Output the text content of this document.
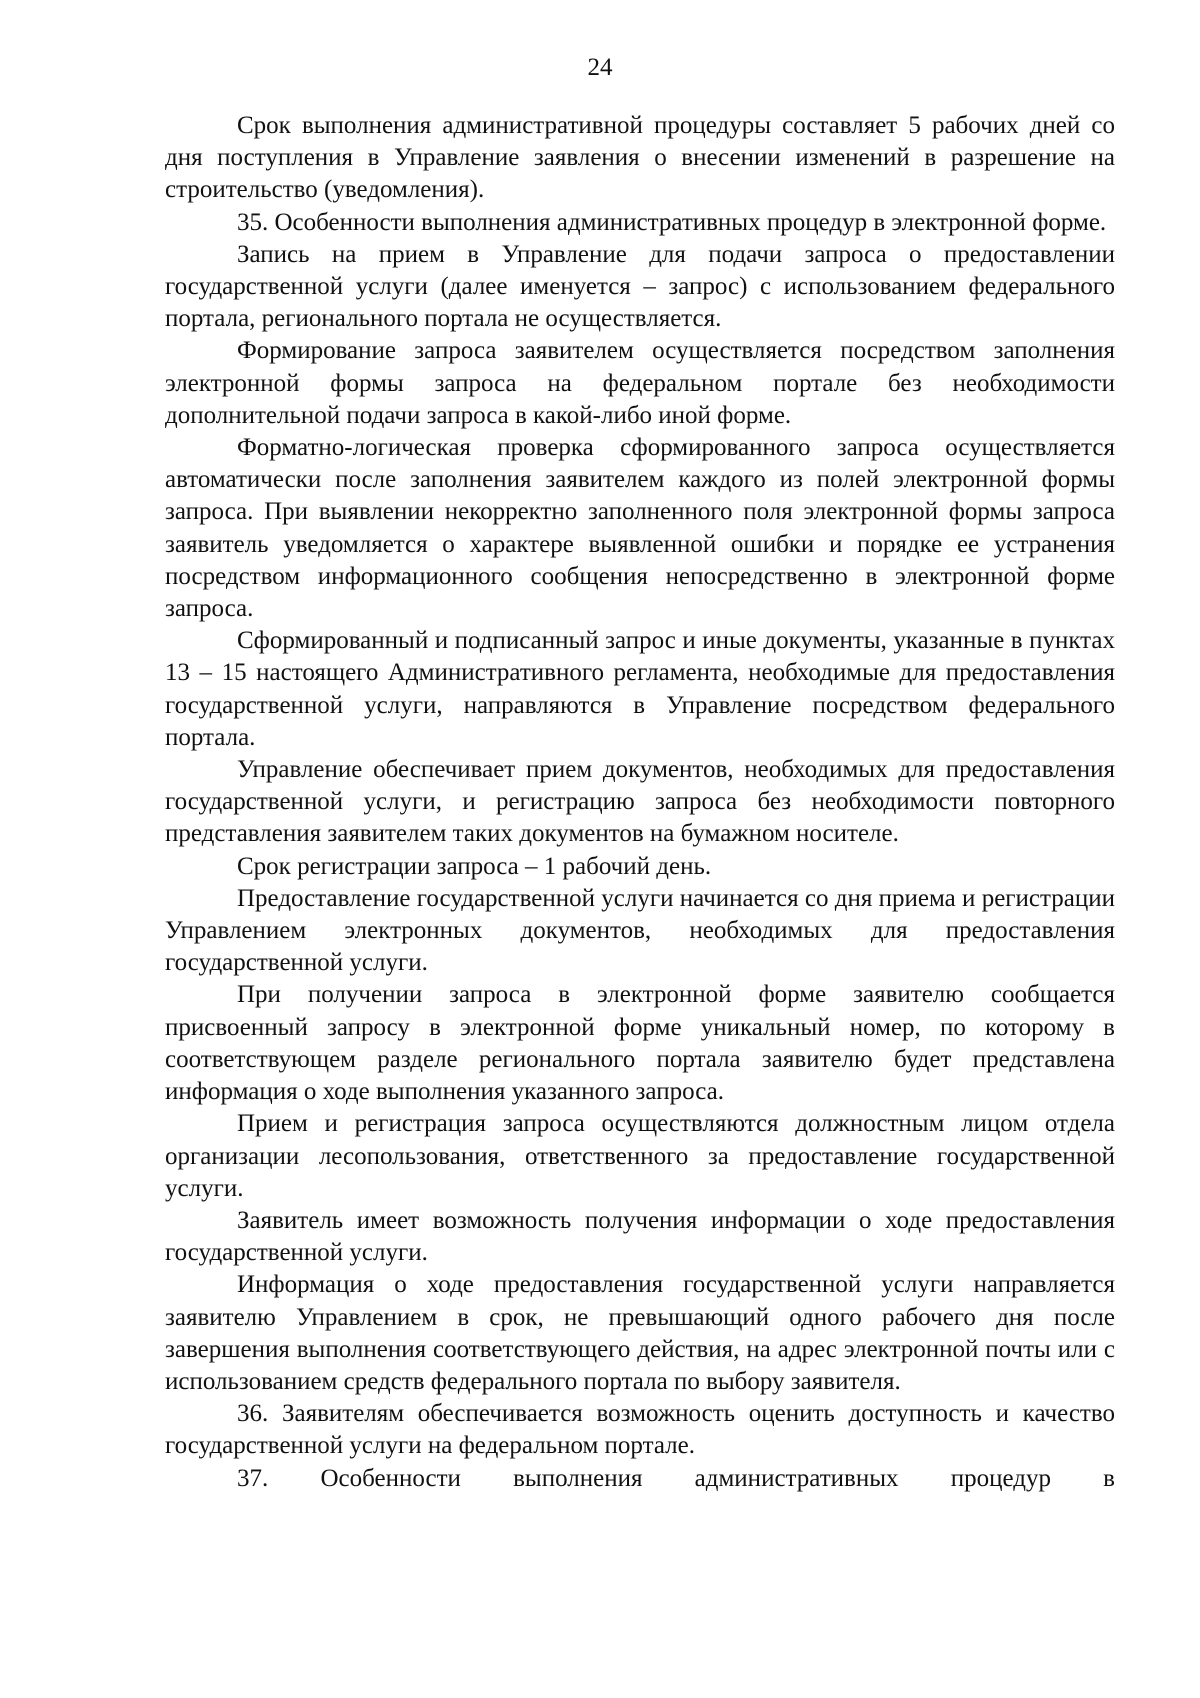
24

Срок выполнения административной процедуры составляет 5 рабочих дней со дня поступления в Управление заявления о внесении изменений в разрешение на строительство (уведомления).

35. Особенности выполнения административных процедур в электронной форме.

Запись на прием в Управление для подачи запроса о предоставлении государственной услуги (далее именуется – запрос) с использованием федерального портала, регионального портала не осуществляется.

Формирование запроса заявителем осуществляется посредством заполнения электронной формы запроса на федеральном портале без необходимости дополнительной подачи запроса в какой-либо иной форме.

Форматно-логическая проверка сформированного запроса осуществляется автоматически после заполнения заявителем каждого из полей электронной формы запроса. При выявлении некорректно заполненного поля электронной формы запроса заявитель уведомляется о характере выявленной ошибки и порядке ее устранения посредством информационного сообщения непосредственно в электронной форме запроса.

Сформированный и подписанный запрос и иные документы, указанные в пунктах 13 – 15 настоящего Административного регламента, необходимые для предоставления государственной услуги, направляются в Управление посредством федерального портала.

Управление обеспечивает прием документов, необходимых для предоставления государственной услуги, и регистрацию запроса без необходимости повторного представления заявителем таких документов на бумажном носителе.

Срок регистрации запроса – 1 рабочий день.

Предоставление государственной услуги начинается со дня приема и регистрации Управлением электронных документов, необходимых для предоставления государственной услуги.

При получении запроса в электронной форме заявителю сообщается присвоенный запросу в электронной форме уникальный номер, по которому в соответствующем разделе регионального портала заявителю будет представлена информация о ходе выполнения указанного запроса.

Прием и регистрация запроса осуществляются должностным лицом отдела организации лесопользования, ответственного за предоставление государственной услуги.

Заявитель имеет возможность получения информации о ходе предоставления государственной услуги.

Информация о ходе предоставления государственной услуги направляется заявителю Управлением в срок, не превышающий одного рабочего дня после завершения выполнения соответствующего действия, на адрес электронной почты или с использованием средств федерального портала по выбору заявителя.

36. Заявителям обеспечивается возможность оценить доступность и качество государственной услуги на федеральном портале.

37. Особенности выполнения административных процедур в
